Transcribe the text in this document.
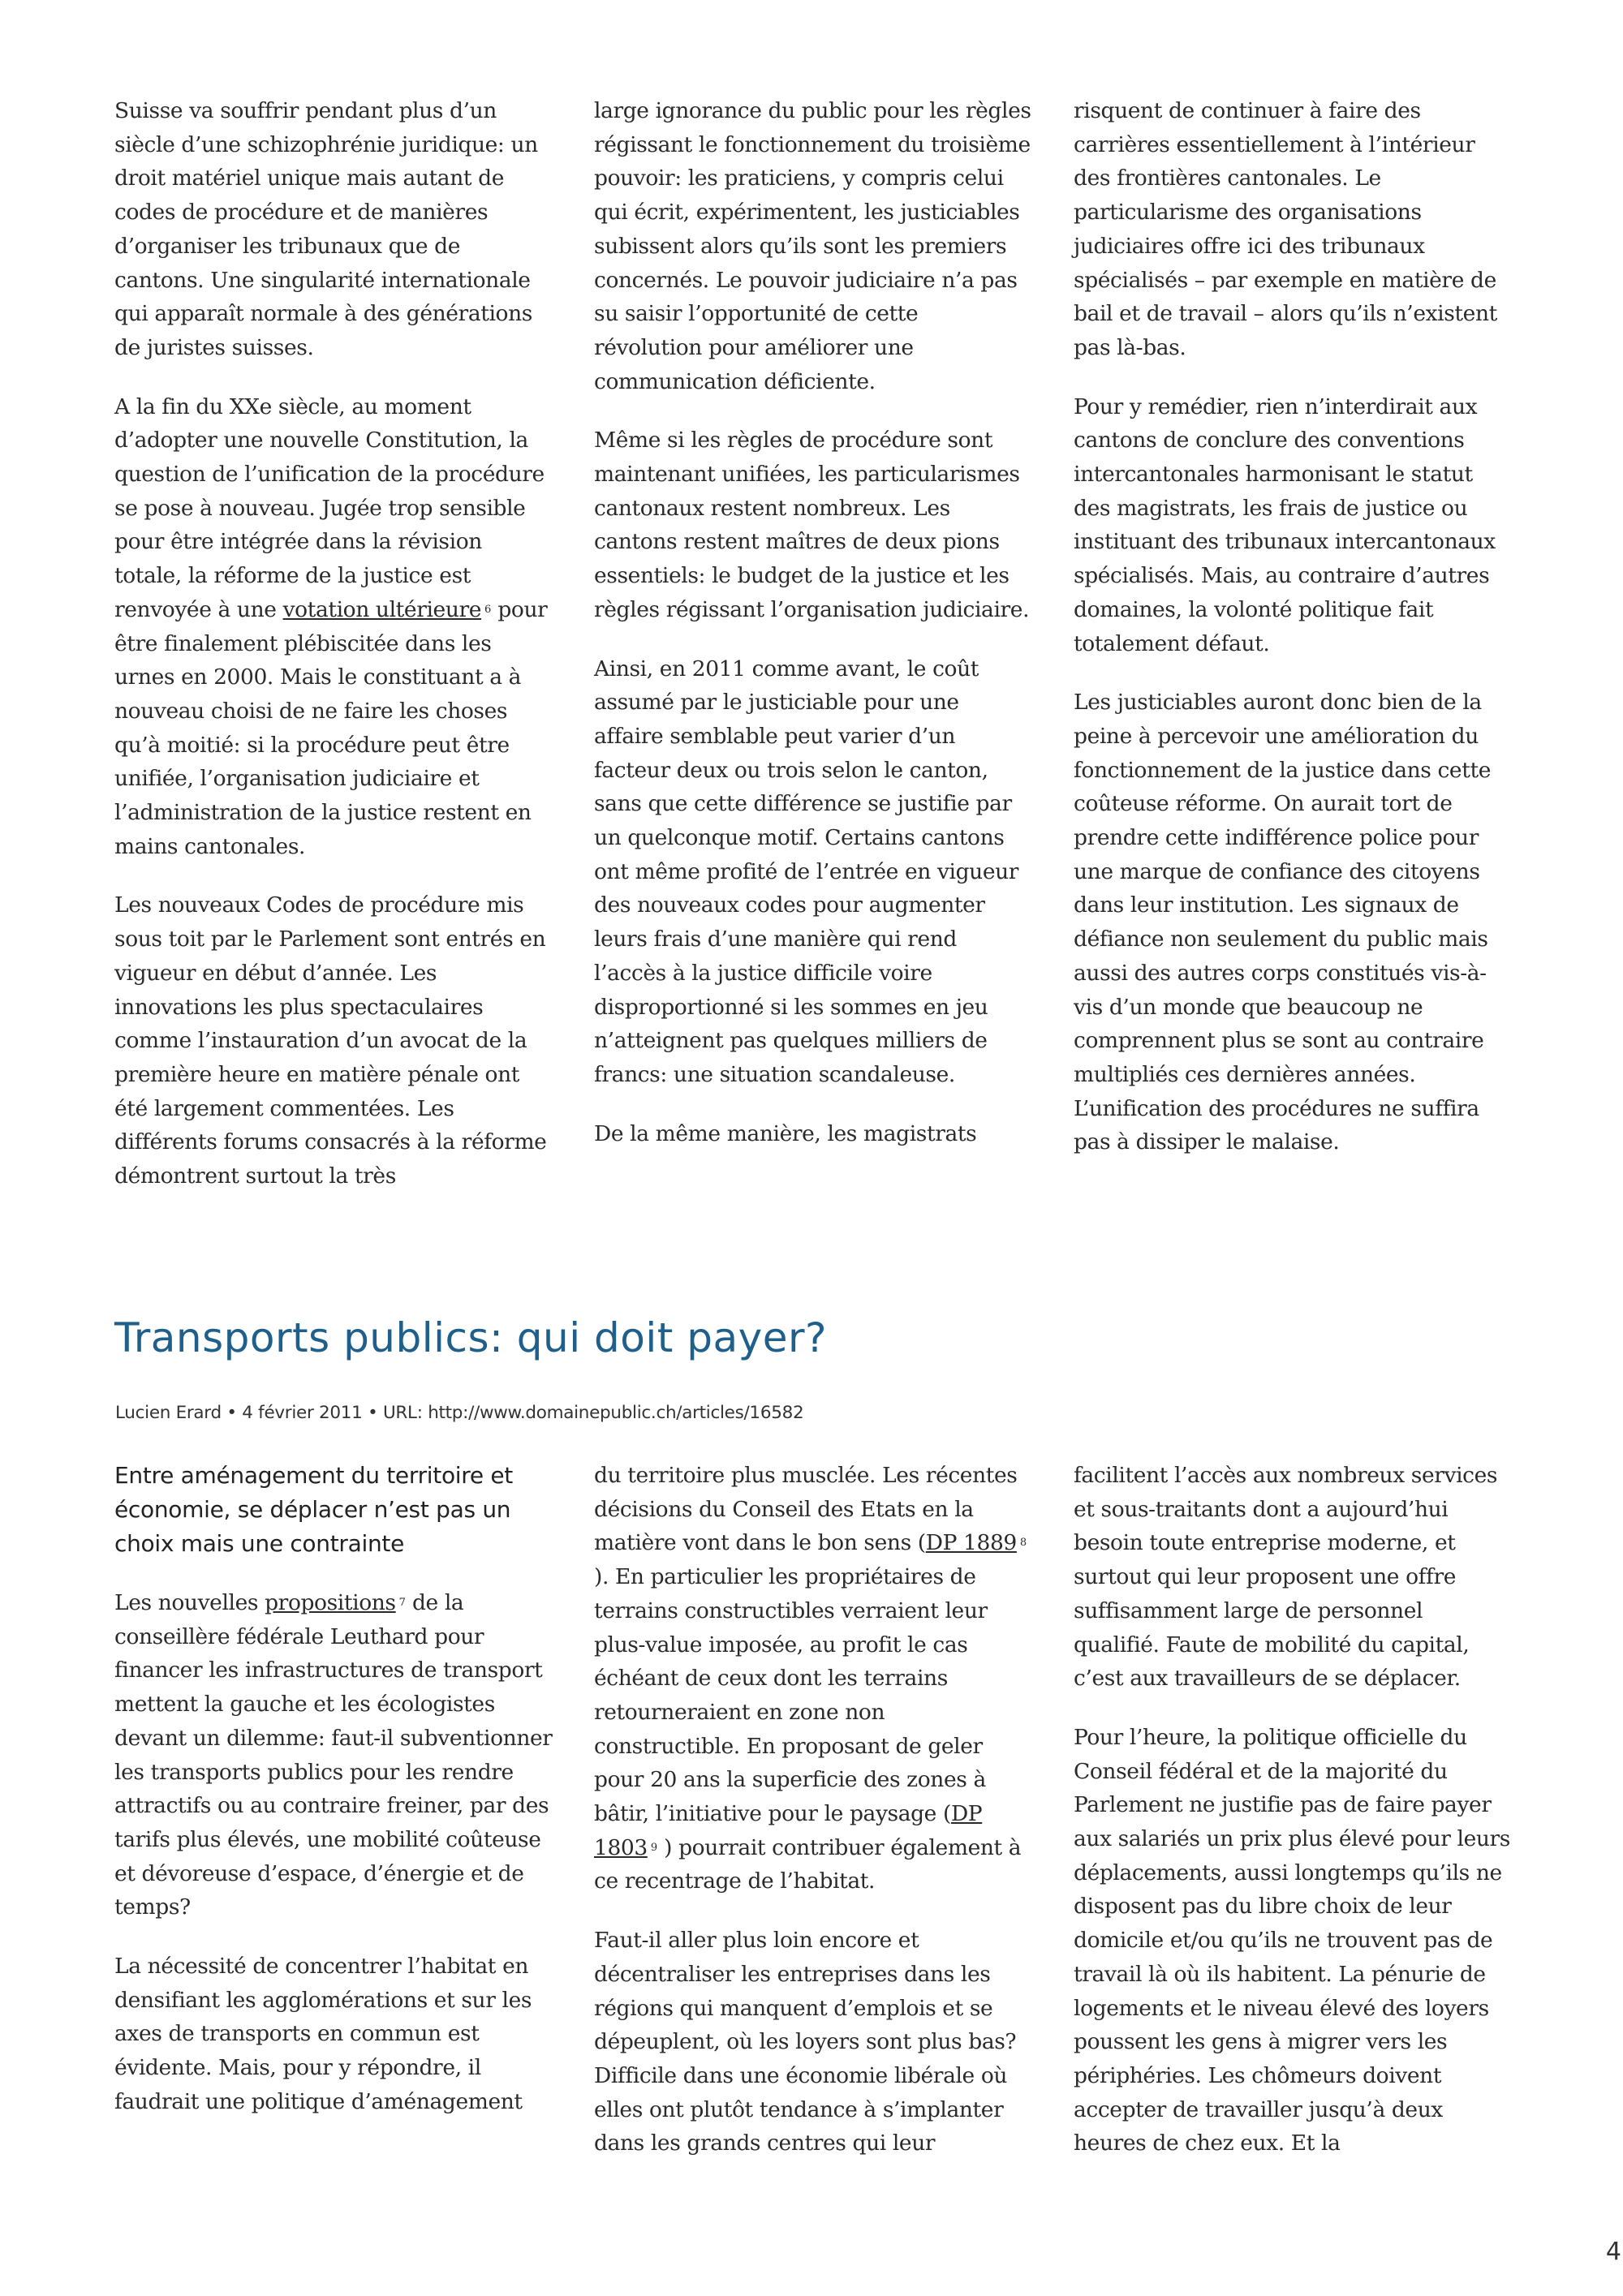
Suisse va souffrir pendant plus d’un siècle d’une schizophrénie juridique: un droit matériel unique mais autant de codes de procédure et de manières d’organiser les tribunaux que de cantons. Une singularité internationale qui apparaît normale à des générations de juristes suisses.

A la fin du XXe siècle, au moment d’adopter une nouvelle Constitution, la question de l’unification de la procédure se pose à nouveau. Jugée trop sensible pour être intégrée dans la révision totale, la réforme de la justice est renvoyée à une votation ultérieure $^6$ pour être finalement plébiscitée dans les urnes en 2000. Mais le constituant a à nouveau choisi de ne faire les choses qu’à moitié: si la procédure peut être unifiée, l’organisation judiciaire et l’administration de la justice restent en mains cantonales.

Les nouveaux Codes de procédure mis sous toit par le Parlement sont entrés en vigueur en début d’année. Les innovations les plus spectaculaires comme l’instauration d’un avocat de la première heure en matière pénale ont été largement commentées. Les différents forums consacrés à la réforme démontrent surtout la très

large ignorance du public pour les règles régissant le fonctionnement du troisième pouvoir: les praticiens, y compris celui qui écrit, expérimentent, les justiciables subissent alors qu’ils sont les premiers concernés. Le pouvoir judiciaire n’a pas su saisir l’opportunité de cette révolution pour améliorer une communication déficiente.

Même si les règles de procédure sont maintenant unifiées, les particularismes cantonaux restent nombreux. Les cantons restent maîtres de deux pions essentiels: le budget de la justice et les règles régissant l’organisation judiciaire.

Ainsi, en 2011 comme avant, le coût assumé par le justiciable pour une affaire semblable peut varier d’un facteur deux ou trois selon le canton, sans que cette différence se justifie par un quelconque motif. Certains cantons ont même profité de l’entrée en vigueur des nouveaux codes pour augmenter leurs frais d’une manière qui rend l’accès à la justice difficile voire disproportionné si les sommes en jeu n’atteignent pas quelques milliers de francs: une situation scandaleuse.

De la même manière, les magistrats

risquent de continuer à faire des carrières essentiellement à l’intérieur des frontières cantonales. Le particularisme des organisations judiciaires offre ici des tribunaux spécialisés – par exemple en matière de bail et de travail – alors qu’ils n’existent pas là-bas.

Pour y remédier, rien n’interdirait aux cantons de conclure des conventions intercantonales harmonisant le statut des magistrats, les frais de justice ou instituant des tribunaux intercantonaux spécialisés. Mais, au contraire d’autres domaines, la volonté politique fait totalement défaut.

Les justiciables auront donc bien de la peine à percevoir une amélioration du fonctionnement de la justice dans cette coûteuse réforme. On aurait tort de prendre cette indifférence police pour une marque de confiance des citoyens dans leur institution. Les signaux de défiance non seulement du public mais aussi des autres corps constitués vis-à-vis d’un monde que beaucoup ne comprennent plus se sont au contraire multipliés ces dernières années. L’unification des procédures ne suffira pas à dissiper le malaise.

Transports publics: qui doit payer?
Lucien Erard • 4 février 2011 • URL: http://www.domainepublic.ch/articles/16582

Entre aménagement du territoire et économie, se déplacer n’est pas un choix mais une contrainte

Les nouvelles propositions $^7$ de la conseillère fédérale Leuthard pour financer les infrastructures de transport mettent la gauche et les écologistes devant un dilemme: faut-il subventionner les transports publics pour les rendre attractifs ou au contraire freiner, par des tarifs plus élevés, une mobilité coûteuse et dévoreuse d’espace, d’énergie et de temps?

La nécessité de concentrer l’habitat en densifiant les agglomérations et sur les axes de transports en commun est évidente. Mais, pour y répondre, il faudrait une politique d’aménagement

du territoire plus musclée. Les récentes décisions du Conseil des Etats en la matière vont dans le bon sens (DP 1889 $^8$ ). En particulier les propriétaires de terrains constructibles verraient leur plus-value imposée, au profit le cas échéant de ceux dont les terrains retourneraient en zone non constructible. En proposant de geler pour 20 ans la superficie des zones à bâtir, l’initiative pour le paysage (DP 1803 $^9$ ) pourrait contribuer également à ce recentrage de l’habitat.

Faut-il aller plus loin encore et décentraliser les entreprises dans les régions qui manquent d’emplois et se dépeuplent, où les loyers sont plus bas? Difficile dans une économie libérale où elles ont plutôt tendance à s’implanter dans les grands centres qui leur

facilitent l’accès aux nombreux services et sous-traitants dont a aujourd’hui besoin toute entreprise moderne, et surtout qui leur proposent une offre suffisamment large de personnel qualifié. Faute de mobilité du capital, c’est aux travailleurs de se déplacer.

Pour l’heure, la politique officielle du Conseil fédéral et de la majorité du Parlement ne justifie pas de faire payer aux salariés un prix plus élevé pour leurs déplacements, aussi longtemps qu’ils ne disposent pas du libre choix de leur domicile et/ou qu’ils ne trouvent pas de travail là où ils habitent. La pénurie de logements et le niveau élevé des loyers poussent les gens à migrer vers les périphéries. Les chômeurs doivent accepter de travailler jusqu’à deux heures de chez eux. Et la

4
